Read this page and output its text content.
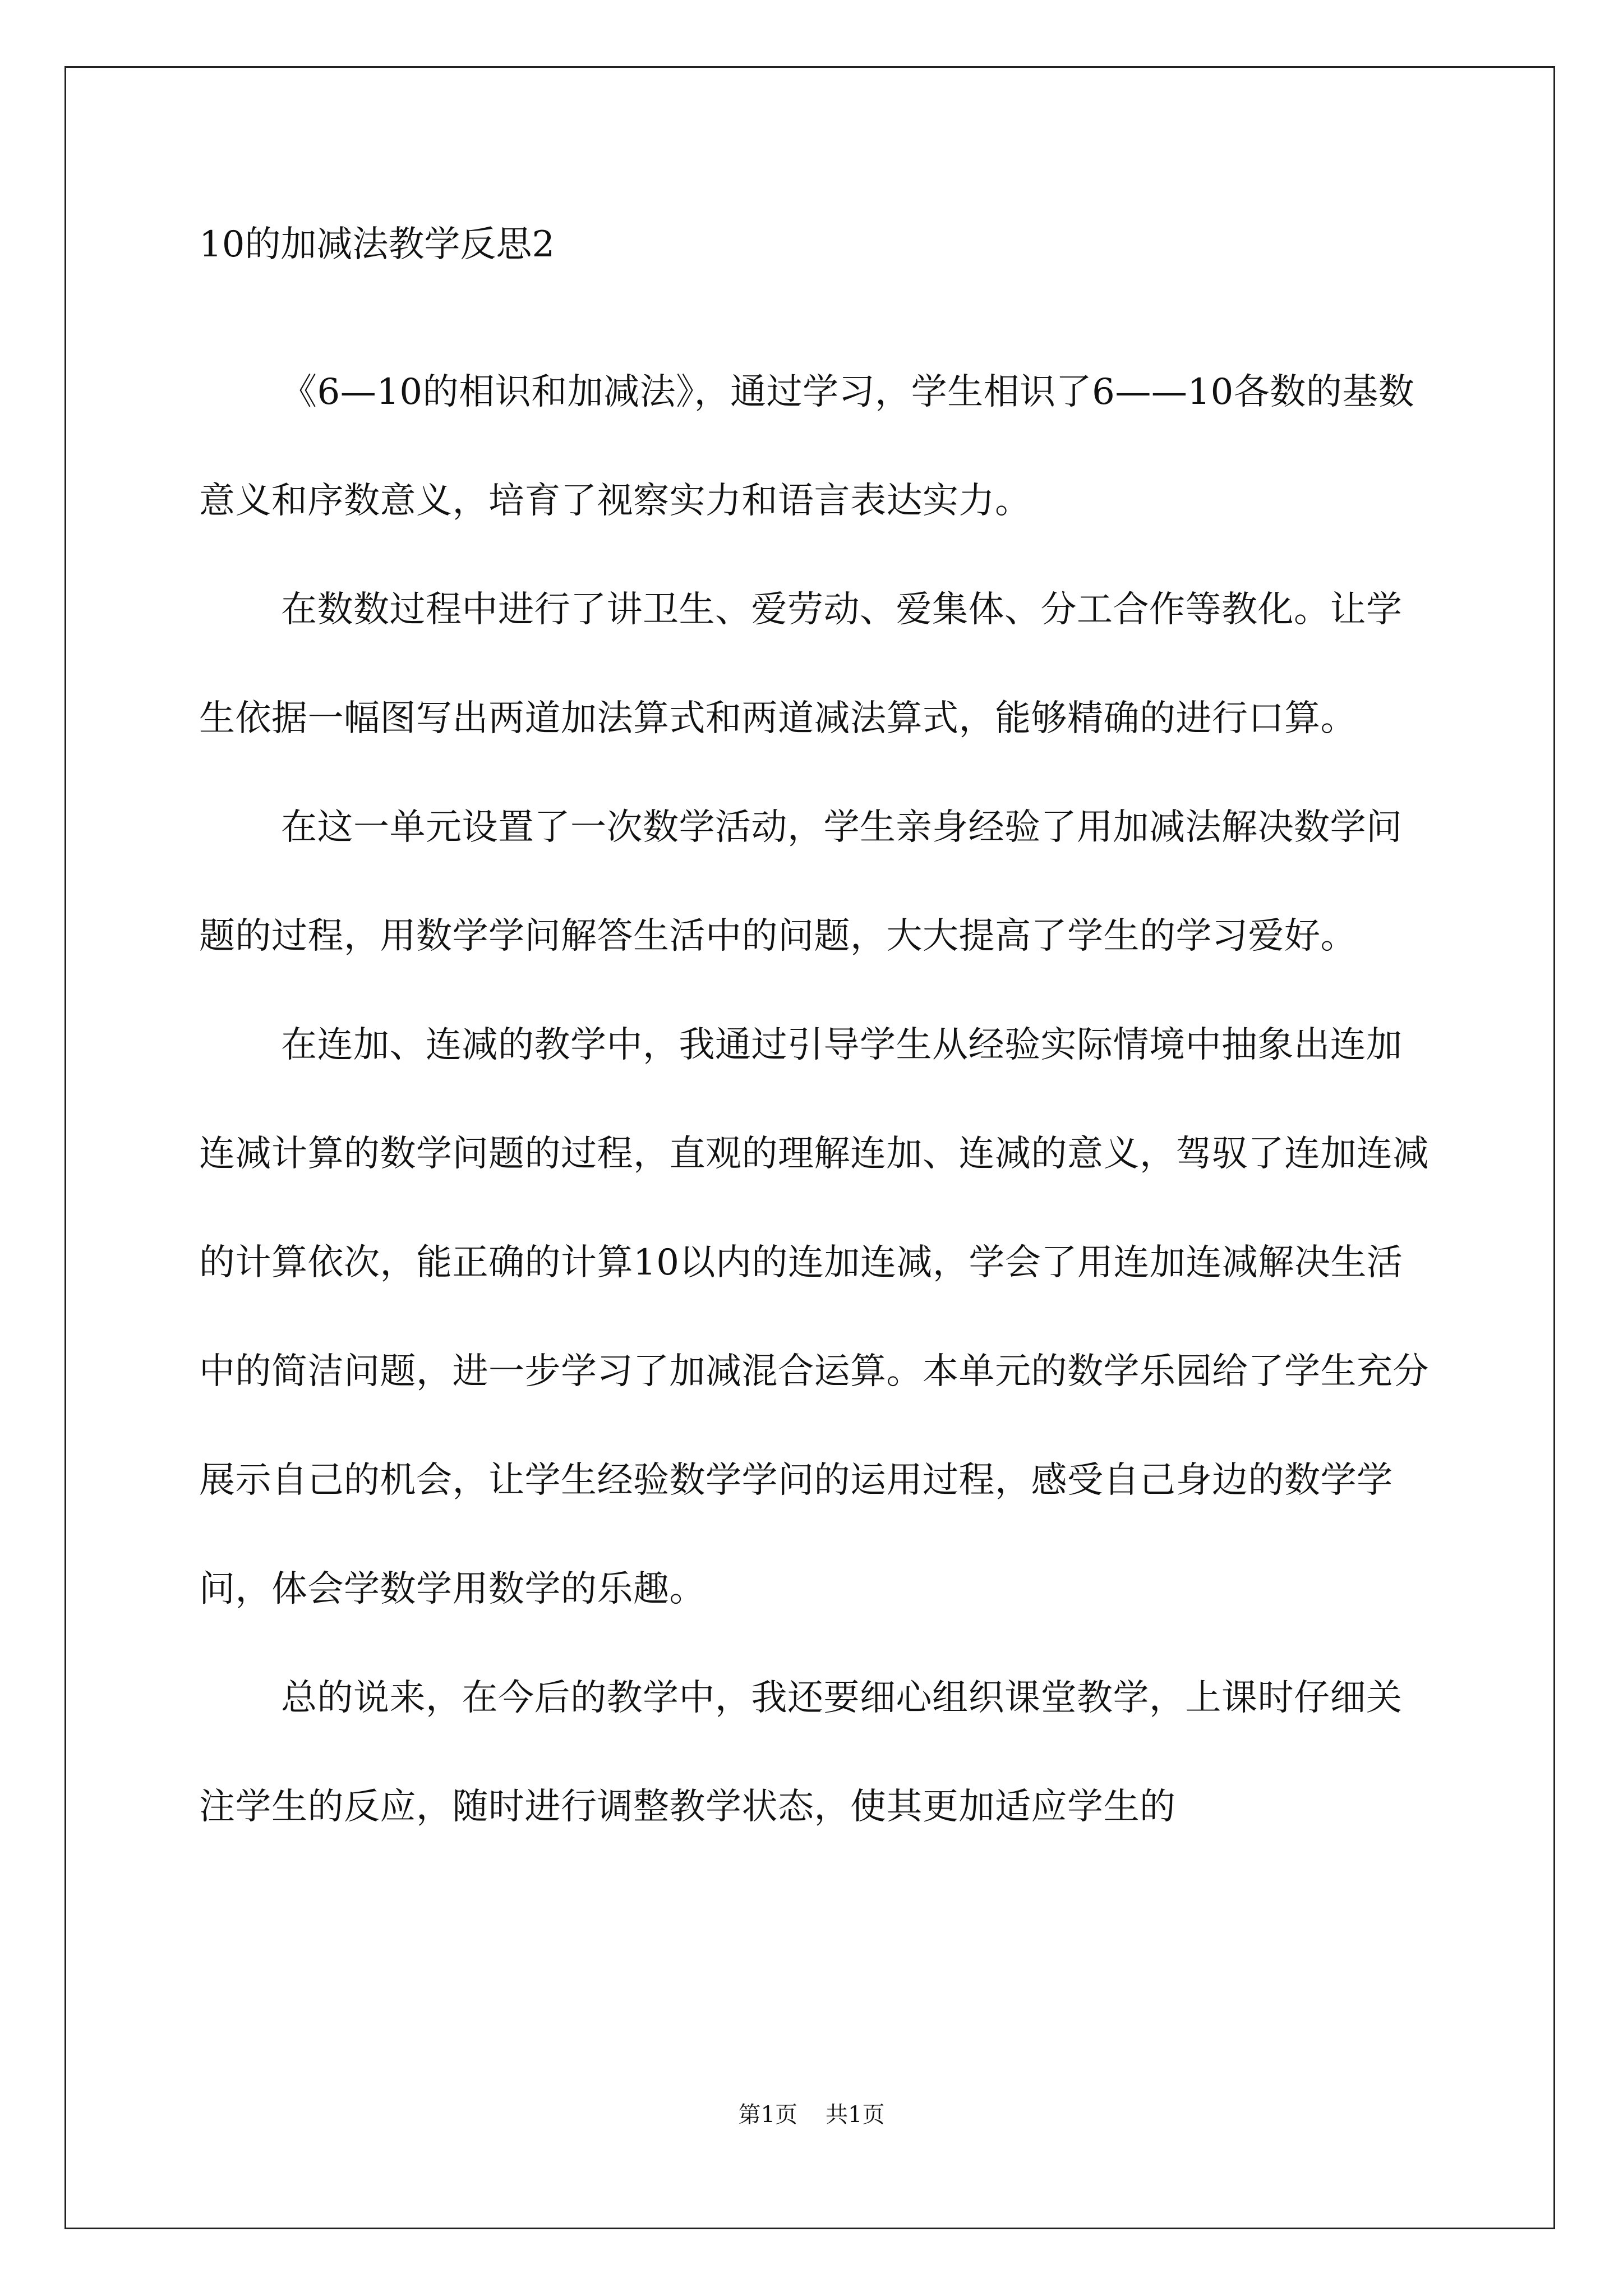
10的加减法教学反思2

《6—10的相识和加减法》，通过学习，学生相识了6——10各数的基数意义和序数意义，培育了视察实力和语言表达实力。

在数数过程中进行了讲卫生、爱劳动、爱集体、分工合作等教化。让学生依据一幅图写出两道加法算式和两道减法算式，能够精确的进行口算。

在这一单元设置了一次数学活动，学生亲身经验了用加减法解决数学问题的过程，用数学学问解答生活中的问题，大大提高了学生的学习爱好。

在连加、连减的教学中，我通过引导学生从经验实际情境中抽象出连加连减计算的数学问题的过程，直观的理解连加、连减的意义，驾驭了连加连减的计算依次，能正确的计算10以内的连加连减，学会了用连加连减解决生活中的简洁问题，进一步学习了加减混合运算。本单元的数学乐园给了学生充分展示自己的机会，让学生经验数学学问的运用过程，感受自己身边的数学学问，体会学数学用数学的乐趣。

总的说来，在今后的教学中，我还要细心组织课堂教学，上课时仔细关注学生的反应，随时进行调整教学状态，使其更加适应学生的

第1页 共1页
